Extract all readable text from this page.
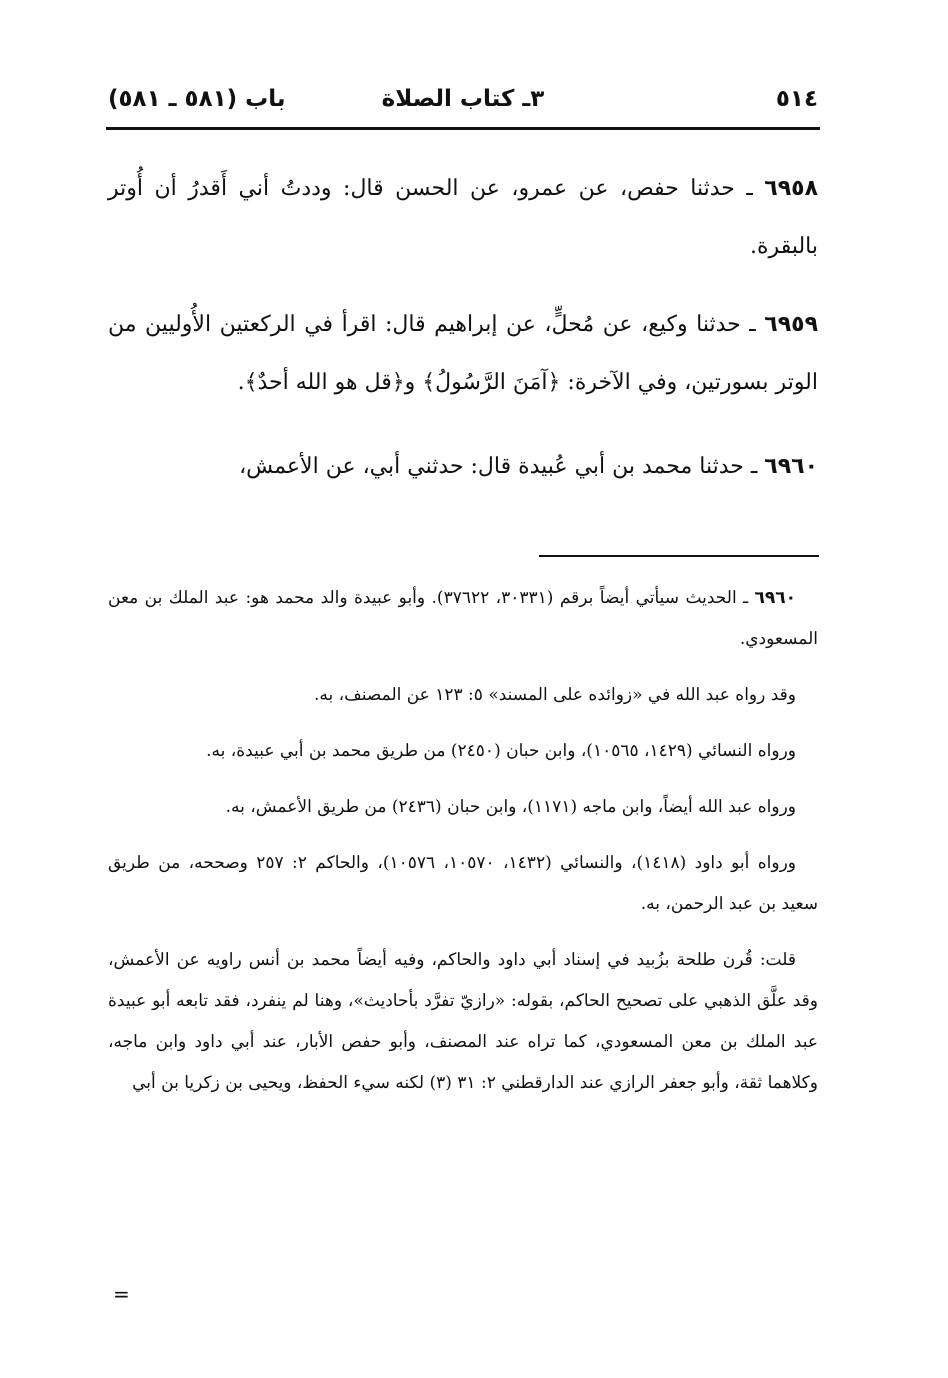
٥١٤
٣ـ كتاب الصلاة
باب (٥٨١ ـ ٥٨١)

٦٩٥٨ ـ حدثنا حفص، عن عمرو، عن الحسن قال: وددتُ أني أَقدرُ أن أُوتر بالبقرة.

٦٩٥٩ ـ حدثنا وكيع، عن مُحلٍّ، عن إبراهيم قال: اقرأ في الركعتين الأُوليين من الوتر بسورتين، وفي الآخرة: ﴿آمَنَ الرَّسُولُ﴾ و﴿قل هو الله أحدٌ﴾.

٦٩٦٠ ـ حدثنا محمد بن أبي عُبيدة قال: حدثني أبي، عن الأعمش،

٦٩٦٠ ـ الحديث سيأتي أيضاً برقم (٣٠٣٣١، ٣٧٦٢٢). وأبو عبيدة والد محمد هو: عبد الملك بن معن المسعودي.

وقد رواه عبد الله في «زوائده على المسند» ٥: ١٢٣ عن المصنف، به.

ورواه النسائي (١٤٢٩، ١٠٥٦٥)، وابن حبان (٢٤٥٠) من طريق محمد بن أبي عبيدة، به.

ورواه عبد الله أيضاً، وابن ماجه (١١٧١)، وابن حبان (٢٤٣٦) من طريق الأعمش، به.

ورواه أبو داود (١٤١٨)، والنسائي (١٤٣٢، ١٠٥٧٠، ١٠٥٧٦)، والحاكم ٢: ٢٥٧ وصححه، من طريق سعيد بن عبد الرحمن، به.

قلت: قُرن طلحة بزُبيد في إسناد أبي داود والحاكم، وفيه أيضاً محمد بن أنس راويه عن الأعمش، وقد علَّق الذهبي على تصحيح الحاكم، بقوله: «رازيّ تفرَّد بأحاديث»، وهنا لم ينفرد، فقد تابعه أبو عبيدة عبد الملك بن معن المسعودي، كما تراه عند المصنف، وأبو حفص الأبار، عند أبي داود وابن ماجه، وكلاهما ثقة، وأبو جعفر الرازي عند الدارقطني ٢: ٣١ (٣) لكنه سيء الحفظ، ويحيى بن زكريا بن أبي

=
